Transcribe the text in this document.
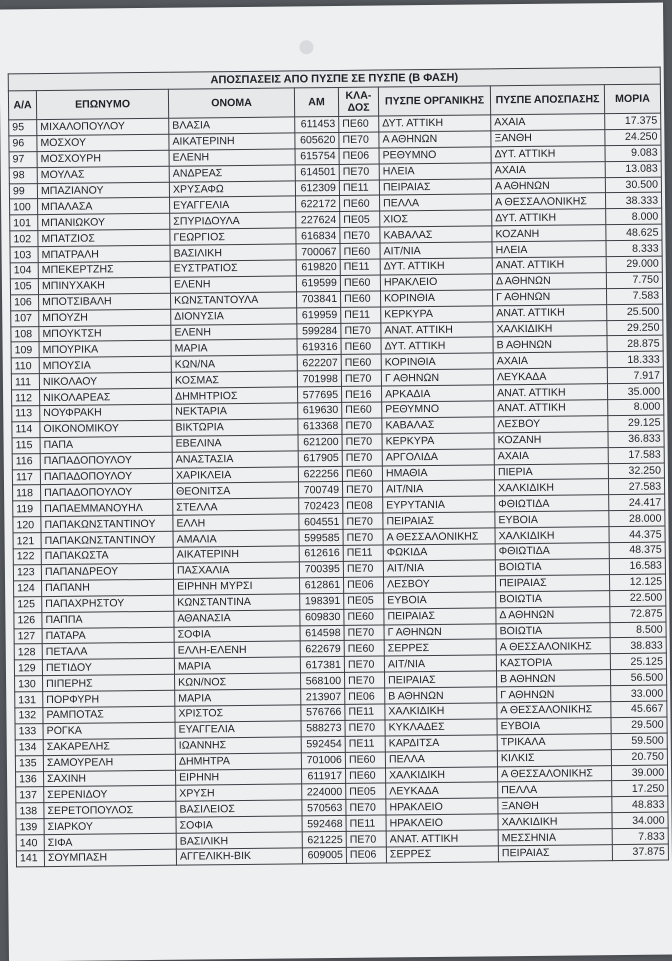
ΑΠΟΣΠΑΣΕΙΣ ΑΠΟ ΠΥΣΠΕ ΣΕ ΠΥΣΠΕ (Β ΦΑΣΗ)							
Α/Α	ΕΠΩΝΥΜΟ	ΟΝΟΜΑ	ΑΜ	ΚΛΑ-ΔΟΣ	ΠΥΣΠΕ ΟΡΓΑΝΙΚΗΣ	ΠΥΣΠΕ ΑΠΟΣΠΑΣΗΣ	ΜΟΡΙΑ
95	ΜΙΧΑΛΟΠΟΥΛΟΥ	ΒΛΑΣΙΑ	611453	ΠΕ60	ΔΥΤ. ΑΤΤΙΚΗ	ΑΧΑΙΑ	17.375
96	ΜΟΣΧΟΥ	ΑΙΚΑΤΕΡΙΝΗ	605620	ΠΕ70	Α ΑΘΗΝΩΝ	ΞΑΝΘΗ	24.250
97	ΜΟΣΧΟΥΡΗ	ΕΛΕΝΗ	615754	ΠΕ06	ΡΕΘΥΜΝΟ	ΔΥΤ. ΑΤΤΙΚΗ	9.083
98	ΜΟΥΛΑΣ	ΑΝΔΡΕΑΣ	614501	ΠΕ70	ΗΛΕΙΑ	ΑΧΑΙΑ	13.083
99	ΜΠΑΖΙΑΝΟΥ	ΧΡΥΣΑΦΩ	612309	ΠΕ11	ΠΕΙΡΑΙΑΣ	Α ΑΘΗΝΩΝ	30.500
100	ΜΠΑΛΑΣΑ	ΕΥΑΓΓΕΛΙΑ	622172	ΠΕ60	ΠΕΛΛΑ	Α ΘΕΣΣΑΛΟΝΙΚΗΣ	38.333
101	ΜΠΑΝΙΩΚΟΥ	ΣΠΥΡΙΔΟΥΛΑ	227624	ΠΕ05	ΧΙΟΣ	ΔΥΤ. ΑΤΤΙΚΗ	8.000
102	ΜΠΑΤΖΙΟΣ	ΓΕΩΡΓΙΟΣ	616834	ΠΕ70	ΚΑΒΑΛΑΣ	ΚΟΖΑΝΗ	48.625
103	ΜΠΑΤΡΑΛΗ	ΒΑΣΙΛΙΚΗ	700067	ΠΕ60	ΑΙΤ/ΝΙΑ	ΗΛΕΙΑ	8.333
104	ΜΠΕΚΕΡΤΖΗΣ	ΕΥΣΤΡΑΤΙΟΣ	619820	ΠΕ11	ΔΥΤ. ΑΤΤΙΚΗ	ΑΝΑΤ. ΑΤΤΙΚΗ	29.000
105	ΜΠΙΝΥΧΑΚΗ	ΕΛΕΝΗ	619599	ΠΕ60	ΗΡΑΚΛΕΙΟ	Δ ΑΘΗΝΩΝ	7.750
106	ΜΠΟΤΣΙΒΑΛΗ	ΚΩΝΣΤΑΝΤΟΥΛΑ	703841	ΠΕ60	ΚΟΡΙΝΘΙΑ	Γ ΑΘΗΝΩΝ	7.583
107	ΜΠΟΥΖΗ	ΔΙΟΝΥΣΙΑ	619959	ΠΕ11	ΚΕΡΚΥΡΑ	ΑΝΑΤ. ΑΤΤΙΚΗ	25.500
108	ΜΠΟΥΚΤΣΗ	ΕΛΕΝΗ	599284	ΠΕ70	ΑΝΑΤ. ΑΤΤΙΚΗ	ΧΑΛΚΙΔΙΚΗ	29.250
109	ΜΠΟΥΡΙΚΑ	ΜΑΡΙΑ	619316	ΠΕ60	ΔΥΤ. ΑΤΤΙΚΗ	Β ΑΘΗΝΩΝ	28.875
110	ΜΠΟΥΣΙΑ	ΚΩΝ/ΝΑ	622207	ΠΕ60	ΚΟΡΙΝΘΙΑ	ΑΧΑΙΑ	18.333
111	ΝΙΚΟΛΑΟΥ	ΚΟΣΜΑΣ	701998	ΠΕ70	Γ ΑΘΗΝΩΝ	ΛΕΥΚΑΔΑ	7.917
112	ΝΙΚΟΛΑΡΕΑΣ	ΔΗΜΗΤΡΙΟΣ	577695	ΠΕ16	ΑΡΚΑΔΙΑ	ΑΝΑΤ. ΑΤΤΙΚΗ	35.000
113	ΝΟΥΦΡΑΚΗ	ΝΕΚΤΑΡΙΑ	619630	ΠΕ60	ΡΕΘΥΜΝΟ	ΑΝΑΤ. ΑΤΤΙΚΗ	8.000
114	ΟΙΚΟΝΟΜΙΚΟΥ	ΒΙΚΤΩΡΙΑ	613368	ΠΕ70	ΚΑΒΑΛΑΣ	ΛΕΣΒΟΥ	29.125
115	ΠΑΠΑ	ΕΒΕΛΙΝΑ	621200	ΠΕ70	ΚΕΡΚΥΡΑ	ΚΟΖΑΝΗ	36.833
116	ΠΑΠΑΔΟΠΟΥΛΟΥ	ΑΝΑΣΤΑΣΙΑ	617905	ΠΕ70	ΑΡΓΟΛΙΔΑ	ΑΧΑΙΑ	17.583
117	ΠΑΠΑΔΟΠΟΥΛΟΥ	ΧΑΡΙΚΛΕΙΑ	622256	ΠΕ60	ΗΜΑΘΙΑ	ΠΙΕΡΙΑ	32.250
118	ΠΑΠΑΔΟΠΟΥΛΟΥ	ΘΕΟΝΙΤΣΑ	700749	ΠΕ70	ΑΙΤ/ΝΙΑ	ΧΑΛΚΙΔΙΚΗ	27.583
119	ΠΑΠΑΕΜΜΑΝΟΥΗΛ	ΣΤΕΛΛΑ	702423	ΠΕ08	ΕΥΡΥΤΑΝΙΑ	ΦΘΙΩΤΙΔΑ	24.417
120	ΠΑΠΑΚΩΝΣΤΑΝΤΙΝΟΥ	ΕΛΛΗ	604551	ΠΕ70	ΠΕΙΡΑΙΑΣ	ΕΥΒΟΙΑ	28.000
121	ΠΑΠΑΚΩΝΣΤΑΝΤΙΝΟΥ	ΑΜΑΛΙΑ	599585	ΠΕ70	Α ΘΕΣΣΑΛΟΝΙΚΗΣ	ΧΑΛΚΙΔΙΚΗ	44.375
122	ΠΑΠΑΚΩΣΤΑ	ΑΙΚΑΤΕΡΙΝΗ	612616	ΠΕ11	ΦΩΚΙΔΑ	ΦΘΙΩΤΙΔΑ	48.375
123	ΠΑΠΑΝΔΡΕΟΥ	ΠΑΣΧΑΛΙΑ	700395	ΠΕ70	ΑΙΤ/ΝΙΑ	ΒΟΙΩΤΙΑ	16.583
124	ΠΑΠΑΝΗ	ΕΙΡΗΝΗ ΜΥΡΣΙ	612861	ΠΕ06	ΛΕΣΒΟΥ	ΠΕΙΡΑΙΑΣ	12.125
125	ΠΑΠΑΧΡΗΣΤΟΥ	ΚΩΝΣΤΑΝΤΙΝΑ	198391	ΠΕ05	ΕΥΒΟΙΑ	ΒΟΙΩΤΙΑ	22.500
126	ΠΑΠΠΑ	ΑΘΑΝΑΣΙΑ	609830	ΠΕ60	ΠΕΙΡΑΙΑΣ	Δ ΑΘΗΝΩΝ	72.875
127	ΠΑΤΑΡΑ	ΣΟΦΙΑ	614598	ΠΕ70	Γ ΑΘΗΝΩΝ	ΒΟΙΩΤΙΑ	8.500
128	ΠΕΤΑΛΑ	ΕΛΛΗ-ΕΛΕΝΗ	622679	ΠΕ60	ΣΕΡΡΕΣ	Α ΘΕΣΣΑΛΟΝΙΚΗΣ	38.833
129	ΠΕΤΙΔΟΥ	ΜΑΡΙΑ	617381	ΠΕ70	ΑΙΤ/ΝΙΑ	ΚΑΣΤΟΡΙΑ	25.125
130	ΠΙΠΕΡΗΣ	ΚΩΝ/ΝΟΣ	568100	ΠΕ70	ΠΕΙΡΑΙΑΣ	Β ΑΘΗΝΩΝ	56.500
131	ΠΟΡΦΥΡΗ	ΜΑΡΙΑ	213907	ΠΕ06	Β ΑΘΗΝΩΝ	Γ ΑΘΗΝΩΝ	33.000
132	ΡΑΜΠΟΤΑΣ	ΧΡΙΣΤΟΣ	576766	ΠΕ11	ΧΑΛΚΙΔΙΚΗ	Α ΘΕΣΣΑΛΟΝΙΚΗΣ	45.667
133	ΡΟΓΚΑ	ΕΥΑΓΓΕΛΙΑ	588273	ΠΕ70	ΚΥΚΛΑΔΕΣ	ΕΥΒΟΙΑ	29.500
134	ΣΑΚΑΡΕΛΗΣ	ΙΩΑΝΝΗΣ	592454	ΠΕ11	ΚΑΡΔΙΤΣΑ	ΤΡΙΚΑΛΑ	59.500
135	ΣΑΜΟΥΡΕΛΗ	ΔΗΜΗΤΡΑ	701006	ΠΕ60	ΠΕΛΛΑ	ΚΙΛΚΙΣ	20.750
136	ΣΑΧΙΝΗ	ΕΙΡΗΝΗ	611917	ΠΕ60	ΧΑΛΚΙΔΙΚΗ	Α ΘΕΣΣΑΛΟΝΙΚΗΣ	39.000
137	ΣΕΡΕΝΙΔΟΥ	ΧΡΥΣΗ	224000	ΠΕ05	ΛΕΥΚΑΔΑ	ΠΕΛΛΑ	17.250
138	ΣΕΡΕΤΟΠΟΥΛΟΣ	ΒΑΣΙΛΕΙΟΣ	570563	ΠΕ70	ΗΡΑΚΛΕΙΟ	ΞΑΝΘΗ	48.833
139	ΣΙΑΡΚΟΥ	ΣΟΦΙΑ	592468	ΠΕ11	ΗΡΑΚΛΕΙΟ	ΧΑΛΚΙΔΙΚΗ	34.000
140	ΣΙΦΑ	ΒΑΣΙΛΙΚΗ	621225	ΠΕ70	ΑΝΑΤ. ΑΤΤΙΚΗ	ΜΕΣΣΗΝΙΑ	7.833
141	ΣΟΥΜΠΑΣΗ	ΑΓΓΕΛΙΚΗ-ΒΙΚ	609005	ΠΕ06	ΣΕΡΡΕΣ	ΠΕΙΡΑΙΑΣ	37.875
